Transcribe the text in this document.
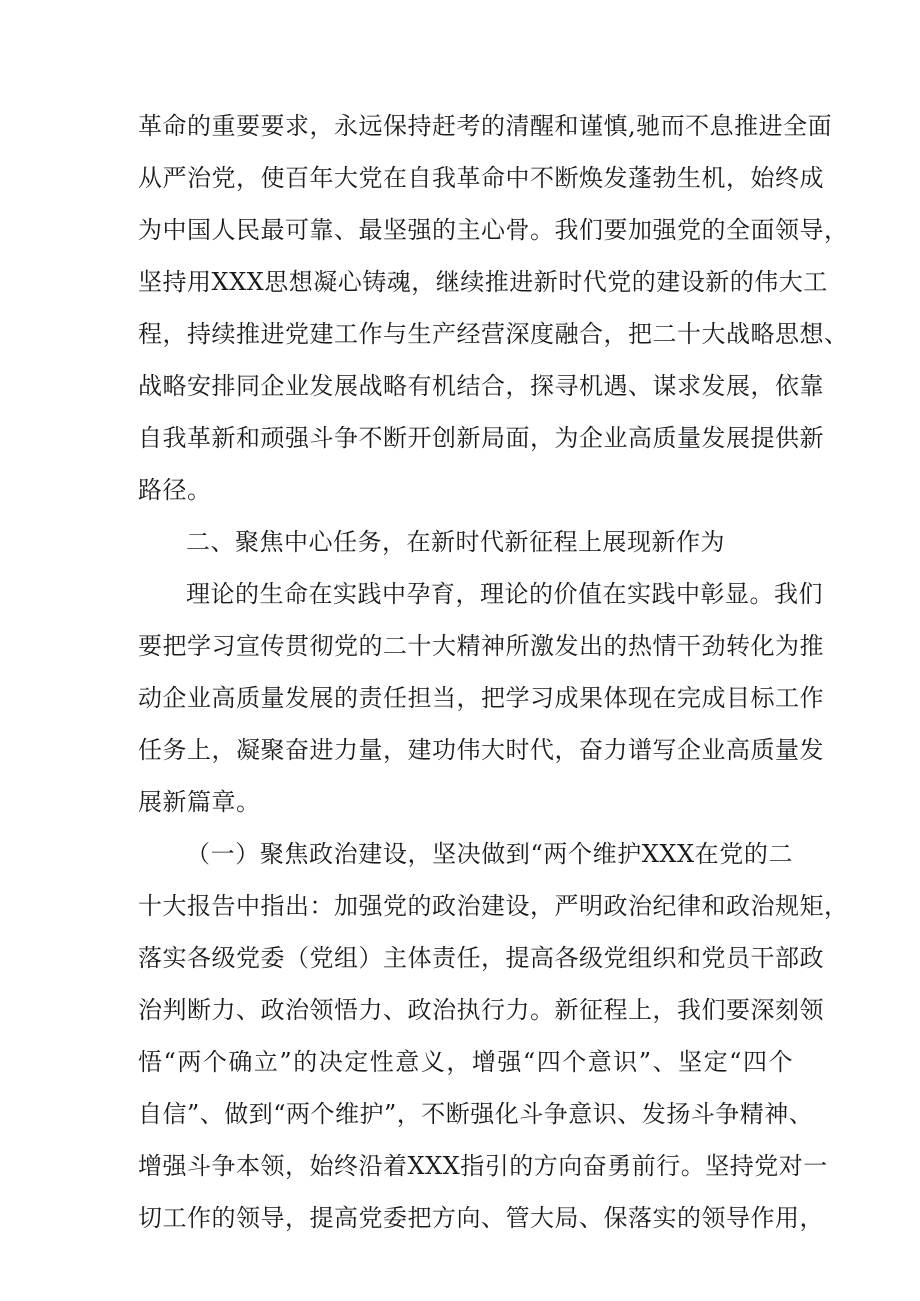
革命的重要要求，永远保持赶考的清醒和谨慎,驰而不息推进全面
从严治党，使百年大党在自我革命中不断焕发蓬勃生机，始终成
为中国人民最可靠、最坚强的主心骨。我们要加强党的全面领导，
坚持用XXX思想凝心铸魂，继续推进新时代党的建设新的伟大工
程，持续推进党建工作与生产经营深度融合，把二十大战略思想、
战略安排同企业发展战略有机结合，探寻机遇、谋求发展，依靠
自我革新和顽强斗争不断开创新局面，为企业高质量发展提供新
路径。
二、聚焦中心任务，在新时代新征程上展现新作为
理论的生命在实践中孕育，理论的价值在实践中彰显。我们
要把学习宣传贯彻党的二十大精神所激发出的热情干劲转化为推
动企业高质量发展的责任担当，把学习成果体现在完成目标工作
任务上，凝聚奋进力量，建功伟大时代，奋力谱写企业高质量发
展新篇章。
（一）聚焦政治建设，坚决做到“两个维护XXX在党的二
十大报告中指出：加强党的政治建设，严明政治纪律和政治规矩，
落实各级党委（党组）主体责任，提高各级党组织和党员干部政
治判断力、政治领悟力、政治执行力。新征程上，我们要深刻领
悟“两个确立”的决定性意义，增强“四个意识”、坚定“四个
自信”、做到“两个维护”，不断强化斗争意识、发扬斗争精神、
增强斗争本领，始终沿着XXX指引的方向奋勇前行。坚持党对一
切工作的领导，提高党委把方向、管大局、保落实的领导作用，
